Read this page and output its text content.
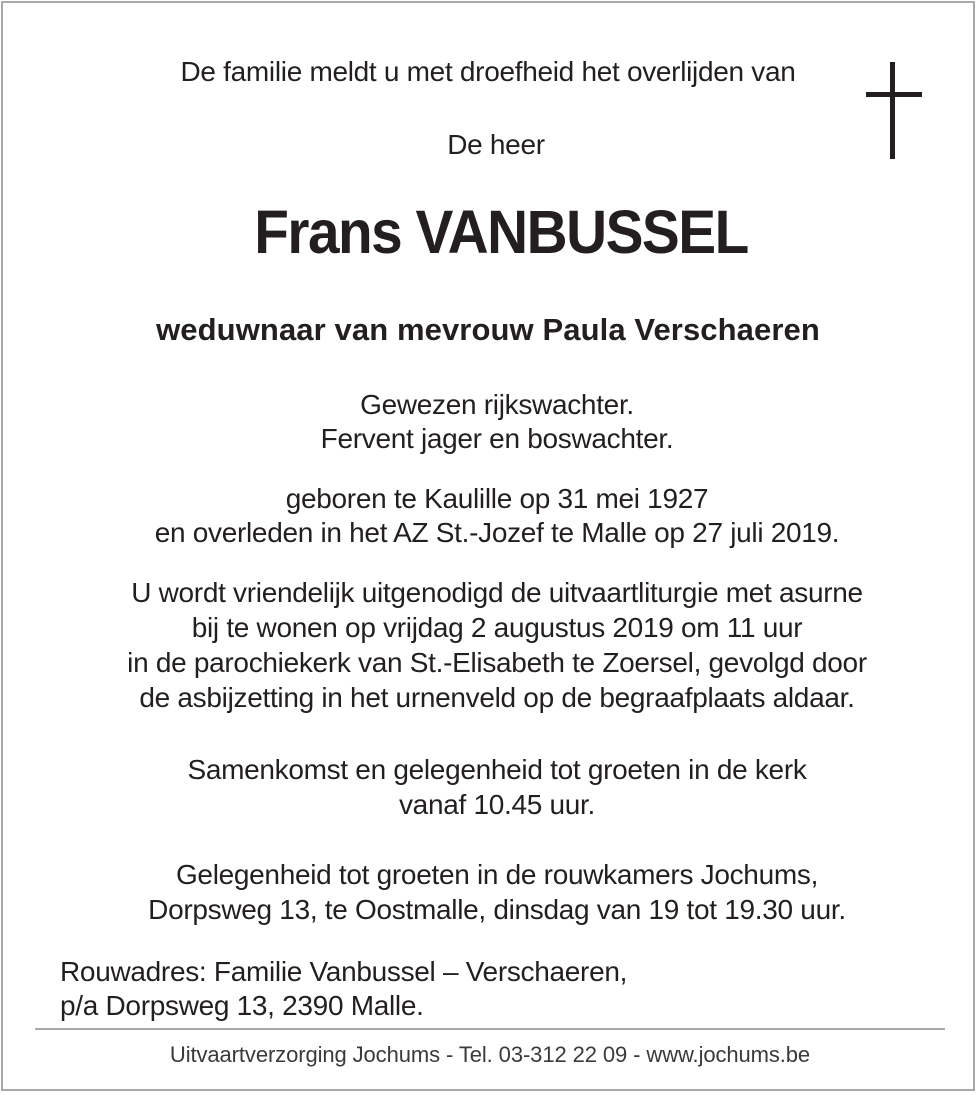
De familie meldt u met droefheid het overlijden van
De heer
Frans VANBUSSEL
weduwnaar van mevrouw Paula Verschaeren
Gewezen rijkswachter.
Fervent jager en boswachter.
geboren te Kaulille op 31 mei 1927
en overleden in het AZ St.-Jozef te Malle op 27 juli 2019.
U wordt vriendelijk uitgenodigd de uitvaartliturgie met asurne
bij te wonen op vrijdag 2 augustus 2019 om 11 uur
in de parochiekerk van St.-Elisabeth te Zoersel, gevolgd door
de asbijzetting in het urnenveld op de begraafplaats aldaar.
Samenkomst en gelegenheid tot groeten in de kerk
vanaf 10.45 uur.
Gelegenheid tot groeten in de rouwkamers Jochums,
Dorpsweg 13, te Oostmalle, dinsdag van 19 tot 19.30 uur.
Rouwadres: Familie Vanbussel – Verschaeren,
p/a Dorpsweg 13, 2390 Malle.
Uitvaartverzorging Jochums - Tel. 03-312 22 09 - www.jochums.be
